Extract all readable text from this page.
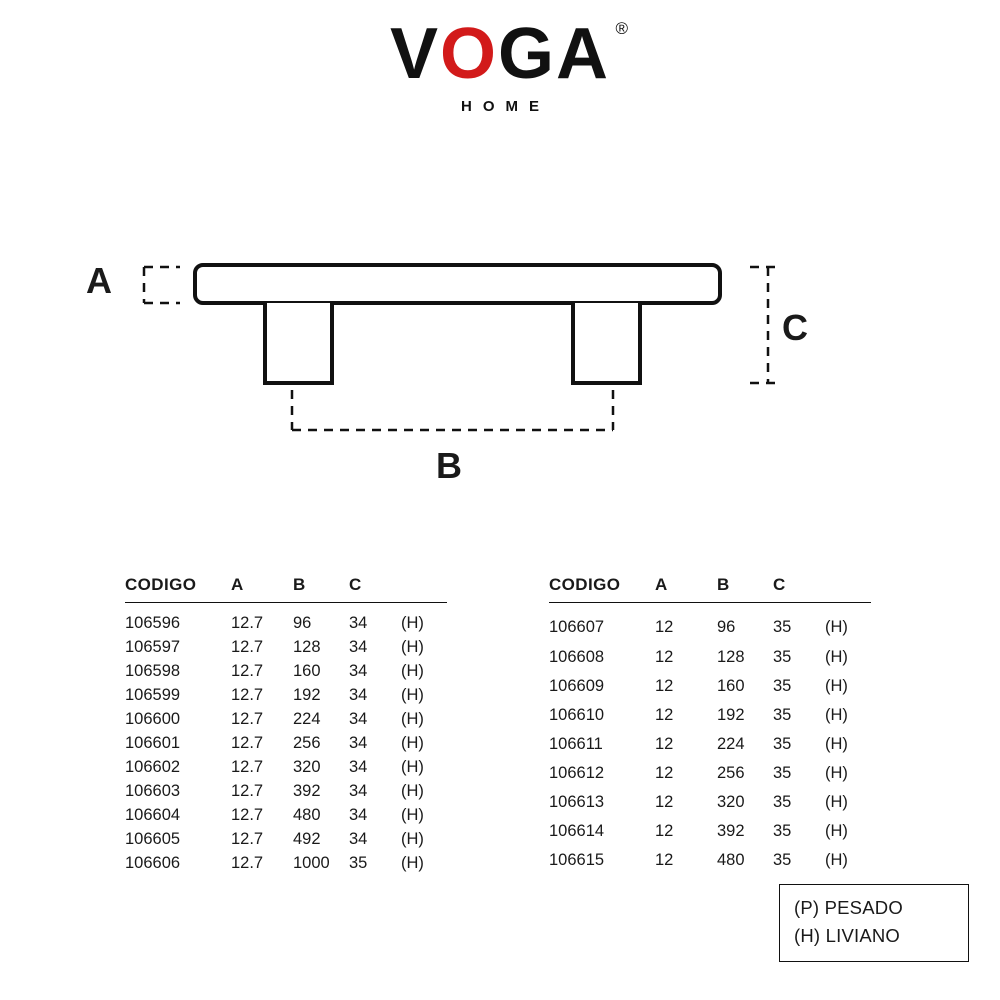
VOGA ®
HOME
A
C
B
CODIGO	A	B	C	
106596	12.7	96	34	(H)
106597	12.7	128	34	(H)
106598	12.7	160	34	(H)
106599	12.7	192	34	(H)
106600	12.7	224	34	(H)
106601	12.7	256	34	(H)
106602	12.7	320	34	(H)
106603	12.7	392	34	(H)
106604	12.7	480	34	(H)
106605	12.7	492	34	(H)
106606	12.7	1000	35	(H)
CODIGO	A	B	C	
106607	12	96	35	(H)
106608	12	128	35	(H)
106609	12	160	35	(H)
106610	12	192	35	(H)
106611	12	224	35	(H)
106612	12	256	35	(H)
106613	12	320	35	(H)
106614	12	392	35	(H)
106615	12	480	35	(H)
(P) PESADO
(H) LIVIANO
